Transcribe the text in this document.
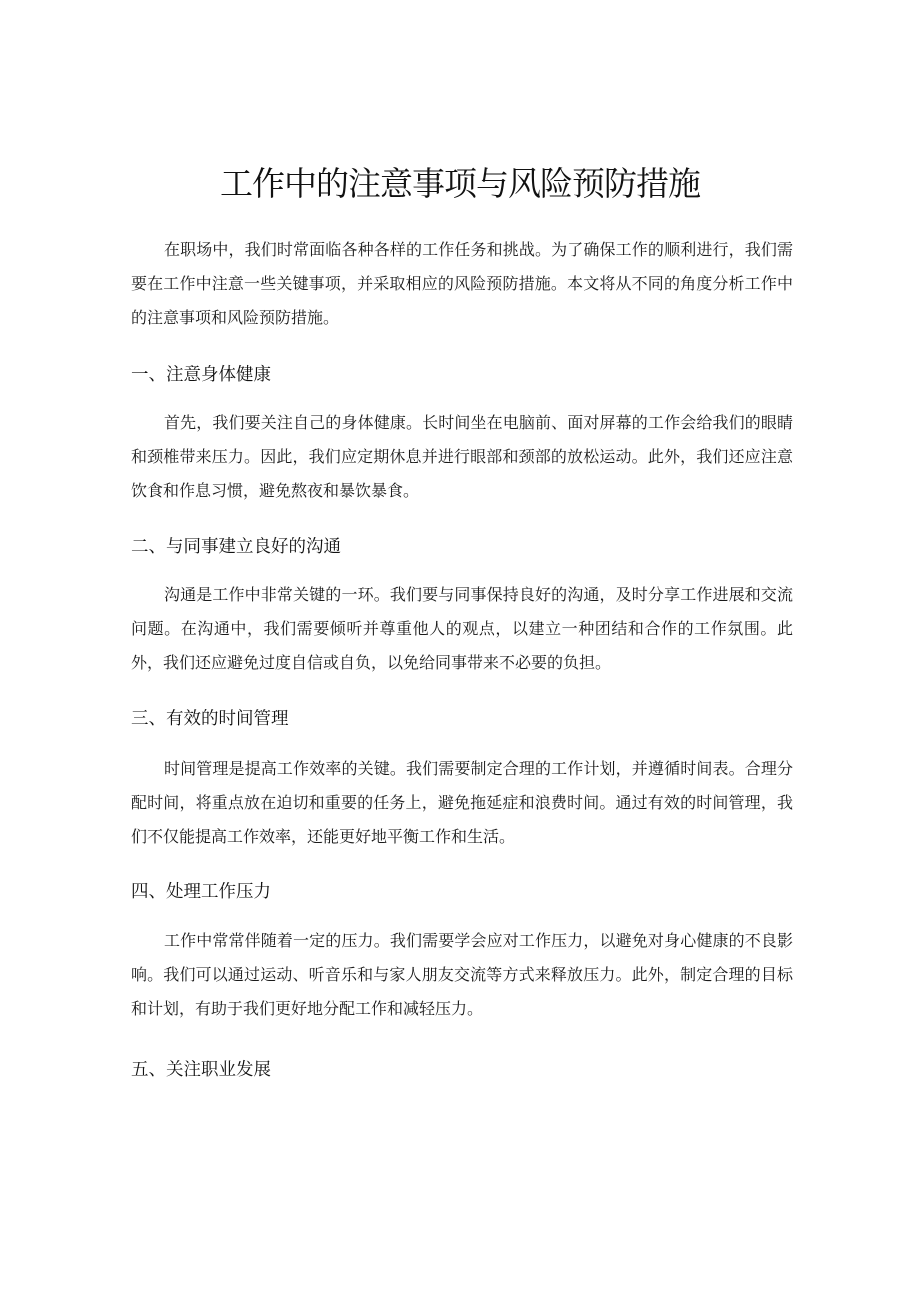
工作中的注意事项与风险预防措施

在职场中，我们时常面临各种各样的工作任务和挑战。为了确保工作的顺利进行，我们需要在工作中注意一些关键事项，并采取相应的风险预防措施。本文将从不同的角度分析工作中的注意事项和风险预防措施。

一、注意身体健康

首先，我们要关注自己的身体健康。长时间坐在电脑前、面对屏幕的工作会给我们的眼睛和颈椎带来压力。因此，我们应定期休息并进行眼部和颈部的放松运动。此外，我们还应注意饮食和作息习惯，避免熬夜和暴饮暴食。

二、与同事建立良好的沟通

沟通是工作中非常关键的一环。我们要与同事保持良好的沟通，及时分享工作进展和交流问题。在沟通中，我们需要倾听并尊重他人的观点，以建立一种团结和合作的工作氛围。此外，我们还应避免过度自信或自负，以免给同事带来不必要的负担。

三、有效的时间管理

时间管理是提高工作效率的关键。我们需要制定合理的工作计划，并遵循时间表。合理分配时间，将重点放在迫切和重要的任务上，避免拖延症和浪费时间。通过有效的时间管理，我们不仅能提高工作效率，还能更好地平衡工作和生活。

四、处理工作压力

工作中常常伴随着一定的压力。我们需要学会应对工作压力，以避免对身心健康的不良影响。我们可以通过运动、听音乐和与家人朋友交流等方式来释放压力。此外，制定合理的目标和计划，有助于我们更好地分配工作和减轻压力。

五、关注职业发展
